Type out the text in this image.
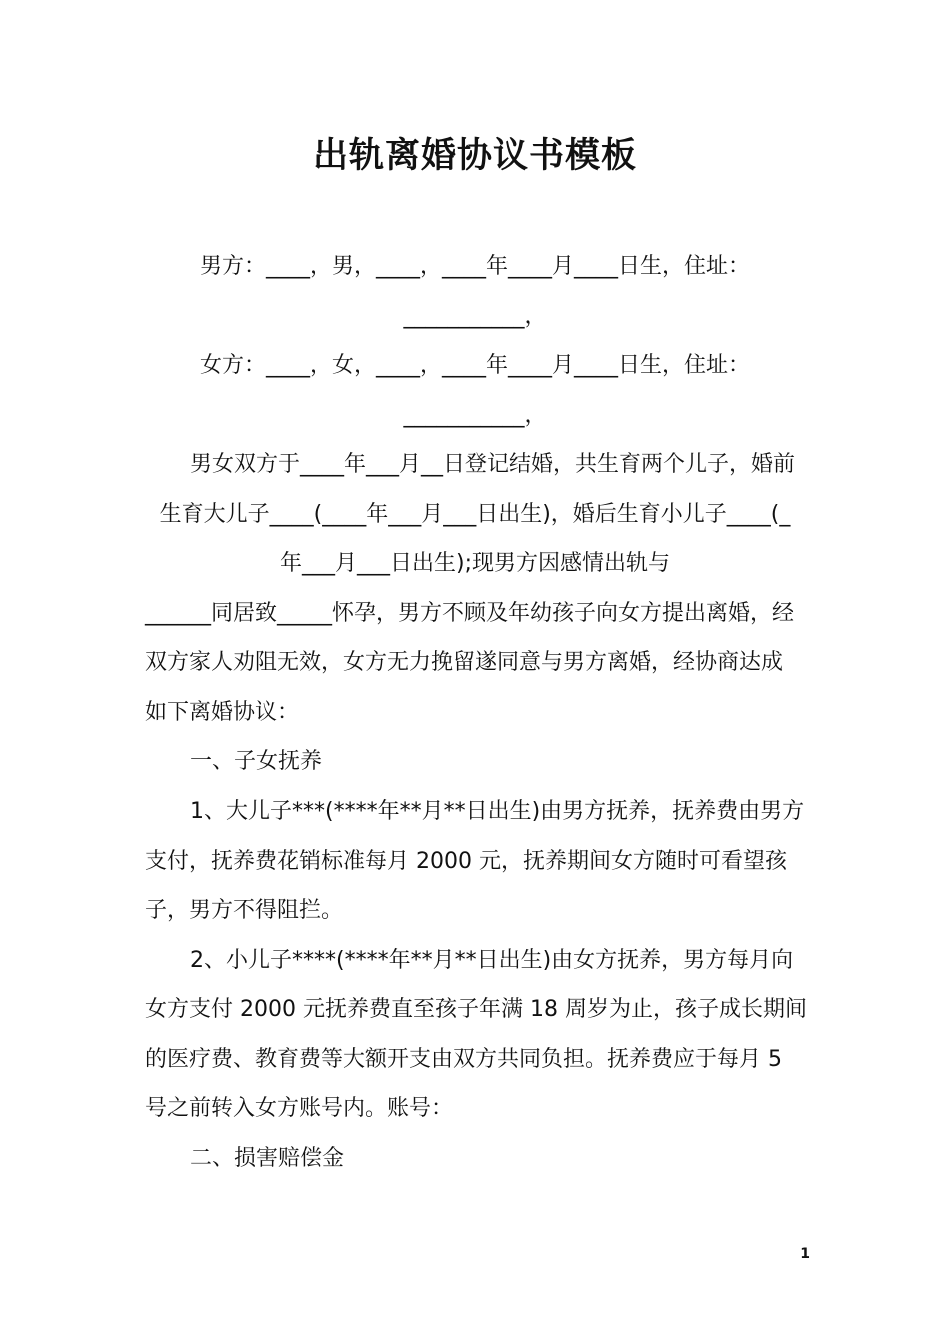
出轨离婚协议书模板
男方：____，男，____，____年____月____日生，住址：
___________，
女方：____，女，____，____年____月____日生，住址：
___________，
男女双方于____年___月__日登记结婚，共生育两个儿子，婚前
生育大儿子____(____年___月___日出生)，婚后生育小儿子____(_
年___月___日出生);现男方因感情出轨与
______同居致_____怀孕，男方不顾及年幼孩子向女方提出离婚，经
双方家人劝阻无效，女方无力挽留遂同意与男方离婚，经协商达成
如下离婚协议：
一、子女抚养
1、大儿子***(****年**月**日出生)由男方抚养，抚养费由男方
支付，抚养费花销标准每月 2000 元，抚养期间女方随时可看望孩
子，男方不得阻拦。
2、小儿子****(****年**月**日出生)由女方抚养，男方每月向
女方支付 2000 元抚养费直至孩子年满 18 周岁为止，孩子成长期间
的医疗费、教育费等大额开支由双方共同负担。抚养费应于每月 5
号之前转入女方账号内。账号：
二、损害赔偿金
1
